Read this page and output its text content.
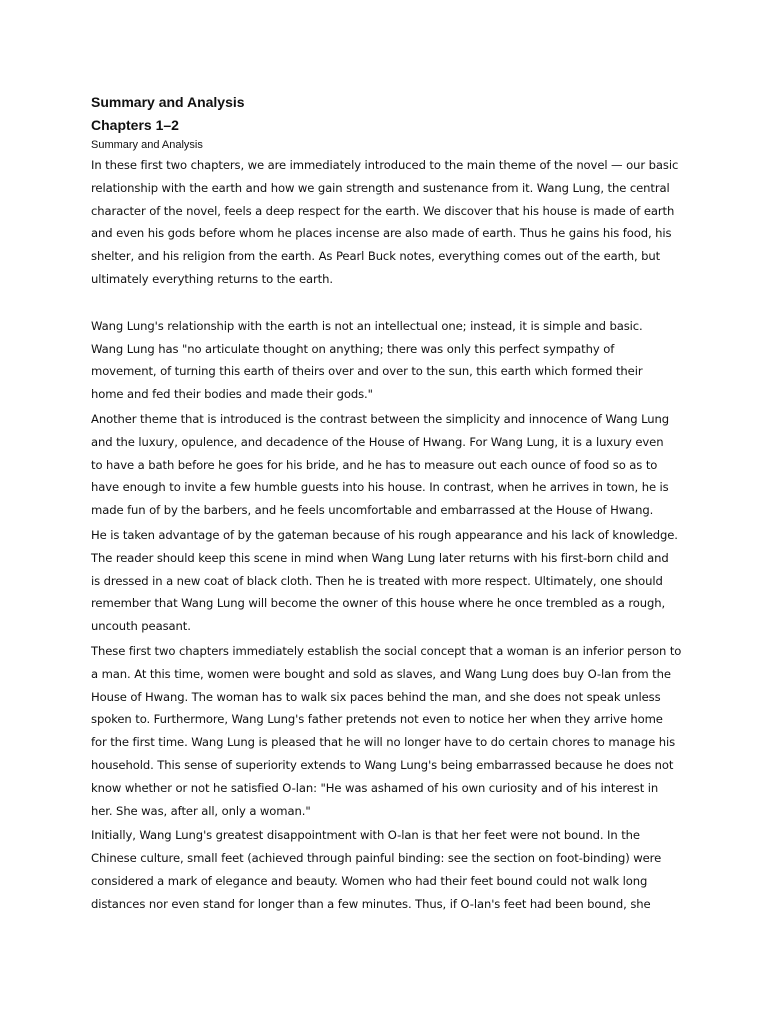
Summary and Analysis
Chapters 1–2
Summary and Analysis
In these first two chapters, we are immediately introduced to the main theme of the novel — our basic
relationship with the earth and how we gain strength and sustenance from it. Wang Lung, the central
character of the novel, feels a deep respect for the earth. We discover that his house is made of earth
and even his gods before whom he places incense are also made of earth. Thus he gains his food, his
shelter, and his religion from the earth. As Pearl Buck notes, everything comes out of the earth, but
ultimately everything returns to the earth.
Wang Lung's relationship with the earth is not an intellectual one; instead, it is simple and basic.
Wang Lung has "no articulate thought on anything; there was only this perfect sympathy of
movement, of turning this earth of theirs over and over to the sun, this earth which formed their
home and fed their bodies and made their gods."
Another theme that is introduced is the contrast between the simplicity and innocence of Wang Lung
and the luxury, opulence, and decadence of the House of Hwang. For Wang Lung, it is a luxury even
to have a bath before he goes for his bride, and he has to measure out each ounce of food so as to
have enough to invite a few humble guests into his house. In contrast, when he arrives in town, he is
made fun of by the barbers, and he feels uncomfortable and embarrassed at the House of Hwang.
He is taken advantage of by the gateman because of his rough appearance and his lack of knowledge.
The reader should keep this scene in mind when Wang Lung later returns with his first-born child and
is dressed in a new coat of black cloth. Then he is treated with more respect. Ultimately, one should
remember that Wang Lung will become the owner of this house where he once trembled as a rough,
uncouth peasant.
These first two chapters immediately establish the social concept that a woman is an inferior person to
a man. At this time, women were bought and sold as slaves, and Wang Lung does buy O-lan from the
House of Hwang. The woman has to walk six paces behind the man, and she does not speak unless
spoken to. Furthermore, Wang Lung's father pretends not even to notice her when they arrive home
for the first time. Wang Lung is pleased that he will no longer have to do certain chores to manage his
household. This sense of superiority extends to Wang Lung's being embarrassed because he does not
know whether or not he satisfied O-lan: "He was ashamed of his own curiosity and of his interest in
her. She was, after all, only a woman."
Initially, Wang Lung's greatest disappointment with O-lan is that her feet were not bound. In the
Chinese culture, small feet (achieved through painful binding: see the section on foot-binding) were
considered a mark of elegance and beauty. Women who had their feet bound could not walk long
distances nor even stand for longer than a few minutes. Thus, if O-lan's feet had been bound, she
